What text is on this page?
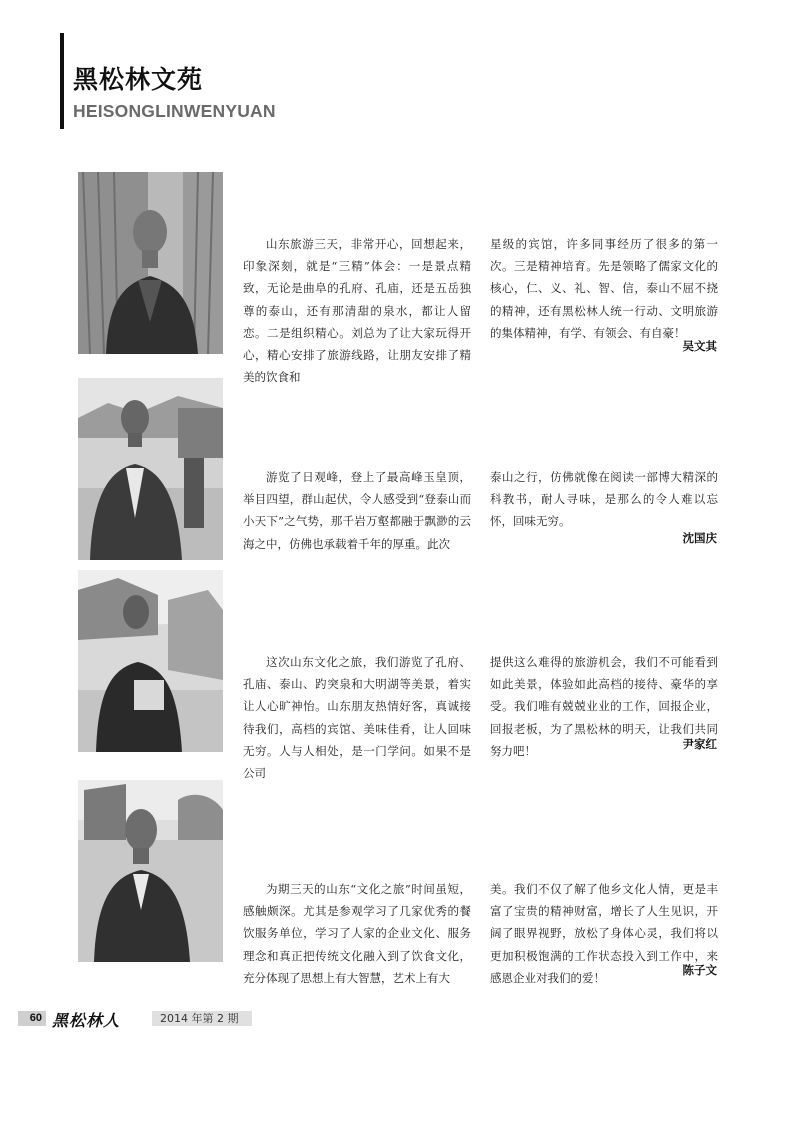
黑松林文苑
HEISONGLINWENYUAN

山东旅游三天，非常开心，回想起来，印象深刻，就是“三精”体会：一是景点精致，无论是曲阜的孔府、孔庙，还是五岳独尊的泰山，还有那清甜的泉水，都让人留恋。二是组织精心。刘总为了让大家玩得开心，精心安排了旅游线路，让朋友安排了精美的饮食和

星级的宾馆，许多同事经历了很多的第一次。三是精神培育。先是领略了儒家文化的核心，仁、义、礼、智、信，泰山不屈不挠的精神，还有黑松林人统一行动、文明旅游的集体精神，有学、有领会、有自豪！

吴文其

游览了日观峰，登上了最高峰玉皇顶，举目四望，群山起伏，令人感受到“登泰山而小天下”之气势，那千岩万壑都融于飘渺的云海之中，仿佛也承载着千年的厚重。此次

泰山之行，仿佛就像在阅读一部博大精深的科教书，耐人寻味，是那么的令人难以忘怀，回味无穷。

沈国庆

这次山东文化之旅，我们游览了孔府、孔庙、泰山、趵突泉和大明湖等美景，着实让人心旷神怡。山东朋友热情好客，真诚接待我们，高档的宾馆、美味佳肴，让人回味无穷。人与人相处，是一门学问。如果不是公司

提供这么难得的旅游机会，我们不可能看到如此美景，体验如此高档的接待、豪华的享受。我们唯有兢兢业业的工作，回报企业，回报老板，为了黑松林的明天，让我们共同努力吧！	尹家红

为期三天的山东“文化之旅”时间虽短，感触颇深。尤其是参观学习了几家优秀的餐饮服务单位，学习了人家的企业文化、服务理念和真正把传统文化融入到了饮食文化，充分体现了思想上有大智慧，艺术上有大

美。我们不仅了解了他乡文化人情，更是丰富了宝贵的精神财富，增长了人生见识，开阔了眼界视野，放松了身体心灵，我们将以更加积极饱满的工作状态投入到工作中，来感恩企业对我们的爱！

陈子文

60 黑松林人	2014 年第 2 期
